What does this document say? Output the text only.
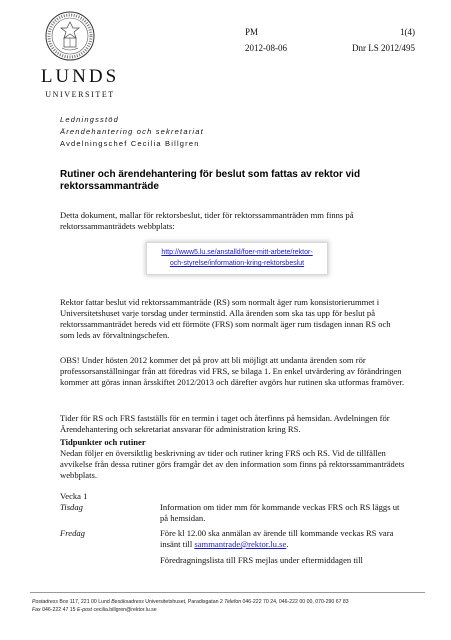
LUNDS
UNIVERSITET
PM	1(4)
2012-08-06	Dnr LS 2012/495
Ledningsstöd
Ärendehantering och sekretariat
Avdelningschef Cecilia Billgren
Rutiner och ärendehantering för beslut som fattas av rektor vid rektorssammanträde

Detta dokument, mallar för rektorsbeslut, tider för rektorssammanträden mm finns på rektorssammanträdets webbplats:

http://www5.lu.se/anstalld/foer-mitt-arbete/rektor-
och-styrelse/information-kring-rektorsbeslut

Rektor fattar beslut vid rektorssammanträde (RS) som normalt äger rum konsistorierummet i Universitetshuset varje torsdag under terminstid. Alla ärenden som ska tas upp för beslut på rektorssammanträdet bereds vid ett förmöte (FRS) som normalt äger rum tisdagen innan RS och som leds av förvaltningschefen.

OBS! Under hösten 2012 kommer det på prov att bli möjligt att undanta ärenden som rör professorsanställningar från att föredras vid FRS, se bilaga 1. En enkel utvärdering av förändringen kommer att göras innan årsskiftet 2012/2013 och därefter avgörs hur rutinen ska utformas framöver.

Tider för RS och FRS fastställs för en termin i taget och återfinns på hemsidan. Avdelningen för Ärendehantering och sekretariat ansvarar för administration kring RS.

Tidpunkter och rutiner

Nedan följer en översiktlig beskrivning av tider och rutiner kring FRS och RS. Vid de tillfällen avvikelse från dessa rutiner görs framgår det av den information som finns på rektorssammanträdets webbplats.

Vecka 1
Tisdag	Information om tider mm för kommande veckas FRS och RS läggs ut på hemsidan.

Fredag	Före kl 12.00 ska anmälan av ärende till kommande veckas RS vara insänt till sammantrade@rektor.lu.se.

Föredragningslista till FRS mejlas under eftermiddagen till

Postadress Box 117, 221 00 Lund Besöksadress Universitetshuset, Paradisgatan 2 Telefon 046-222 70 24, 046-222 00 00, 070-290 67 83
Fax 046-222 47 15 E-post cecilia.billgren@rektor.lu.se
